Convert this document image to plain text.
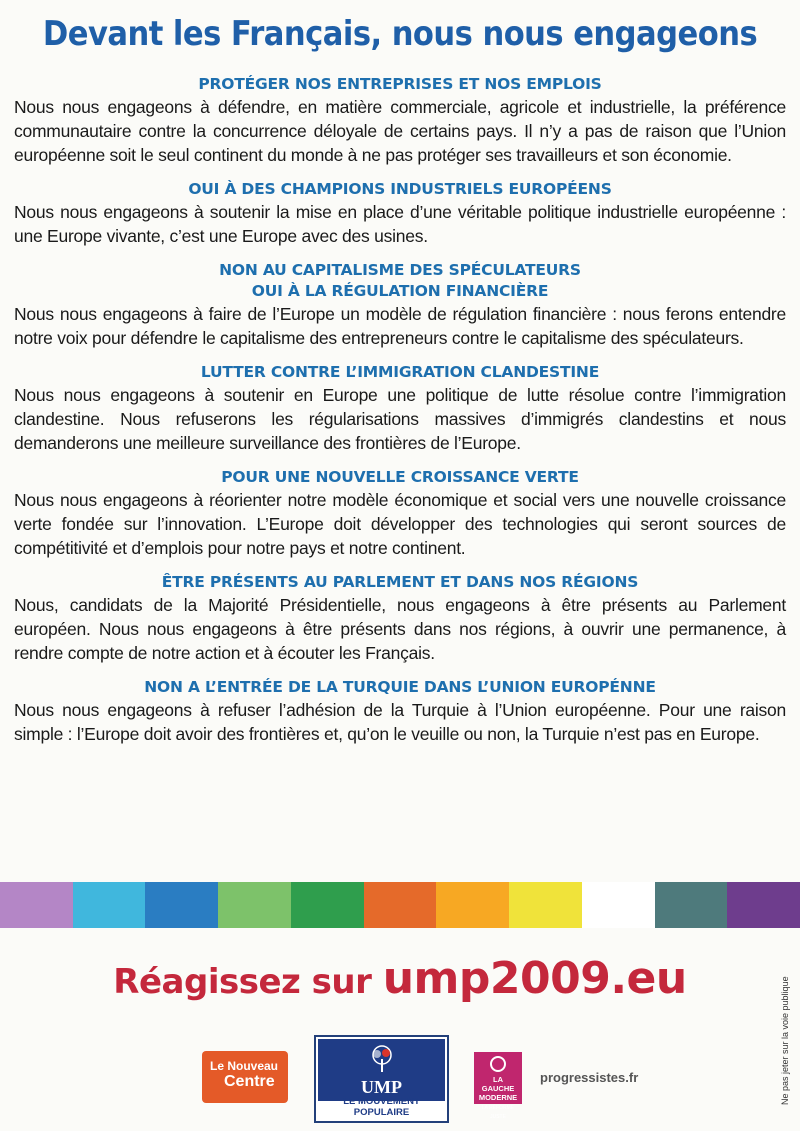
Devant les Français, nous nous engageons
PROTÉGER NOS ENTREPRISES ET NOS EMPLOIS
Nous nous engageons à défendre, en matière commerciale, agricole et industrielle, la préférence communautaire contre la concurrence déloyale de certains pays. Il n’y a pas de raison que l’Union européenne soit le seul continent du monde à ne pas protéger ses travailleurs et son économie.
OUI À DES CHAMPIONS INDUSTRIELS EUROPÉENS
Nous nous engageons à soutenir la mise en place d’une véritable politique industrielle européenne : une Europe vivante, c’est une Europe avec des usines.
NON AU CAPITALISME DES SPÉCULATEURS
OUI À LA RÉGULATION FINANCIÈRE
Nous nous engageons à faire de l’Europe un modèle de régulation financière : nous ferons entendre notre voix pour défendre le capitalisme des entrepreneurs contre le capitalisme des spéculateurs.
LUTTER CONTRE L’IMMIGRATION CLANDESTINE
Nous nous engageons à soutenir en Europe une politique de lutte résolue contre l’immigration clandestine. Nous refuserons les régularisations massives d’immigrés clandestins et nous demanderons une meilleure surveillance des frontières de l’Europe.
POUR UNE NOUVELLE CROISSANCE VERTE
Nous nous engageons à réorienter notre modèle économique et social vers une nouvelle croissance verte fondée sur l’innovation. L’Europe doit développer des technologies qui seront sources de compétitivité et d’emplois pour notre pays et notre continent.
ÊTRE PRÉSENTS AU PARLEMENT ET DANS NOS RÉGIONS
Nous, candidats de la Majorité Présidentielle, nous engageons à être présents au Parlement européen. Nous nous engageons à être présents dans nos régions, à ouvrir une permanence, à rendre compte de notre action et à écouter les Français.
NON A L’ENTRÉE DE LA TURQUIE DANS L’UNION EUROPÉNNE
Nous nous engageons à refuser l’adhésion de la Turquie à l’Union européenne. Pour une raison simple : l’Europe doit avoir des frontières et, qu’on le veuille ou non, la Turquie n’est pas en Europe.
Réagissez sur ump2009.eu	Ne pas jeter sur la voie publique
Le Nouveau
Centre	UMP
LE MOUVEMENT POPULAIRE
LA GAUCHE
MODERNE
LA RÉFORME JUSTE
progressistes.fr
